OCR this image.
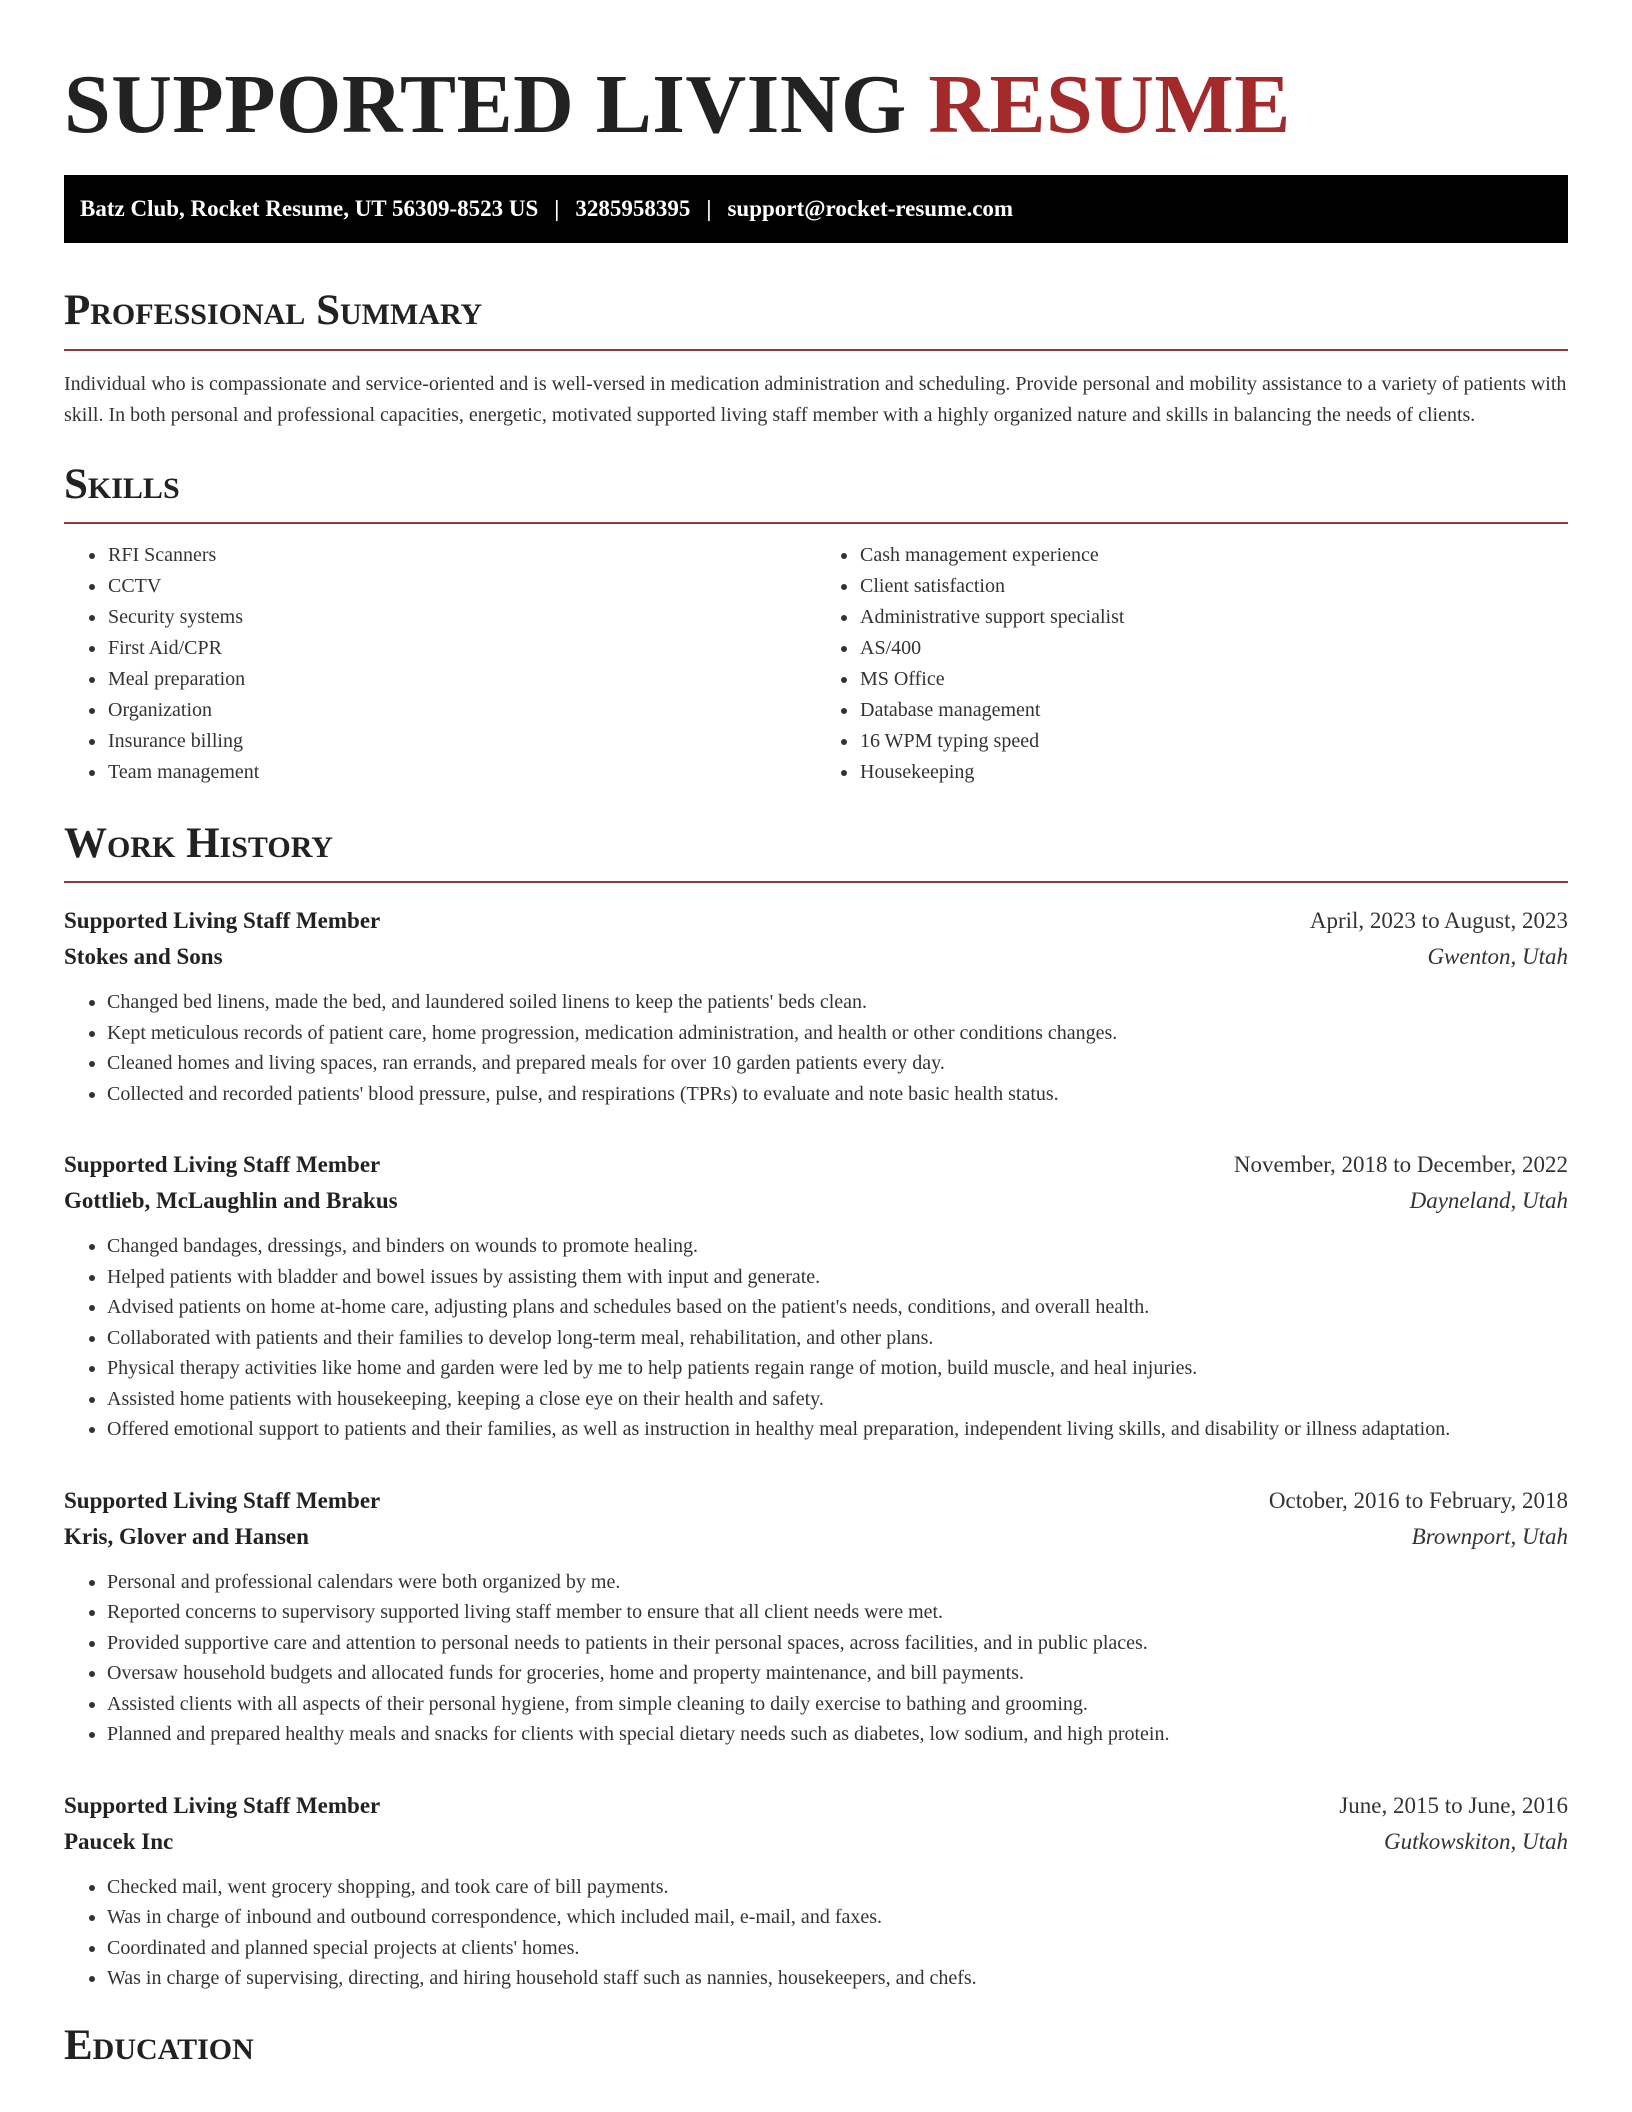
SUPPORTED LIVING RESUME
Batz Club, Rocket Resume, UT 56309-8523 US | 3285958395 | support@rocket-resume.com
Professional Summary

Individual who is compassionate and service-oriented and is well-versed in medication administration and scheduling. Provide personal and mobility assistance to a variety of patients with skill. In both personal and professional capacities, energetic, motivated supported living staff member with a highly organized nature and skills in balancing the needs of clients.

Skills
• RFI Scanners
• CCTV
• Security systems
• First Aid/CPR
• Meal preparation
• Organization
• Insurance billing
• Team management
• Cash management experience
• Client satisfaction
• Administrative support specialist
• AS/400
• MS Office
• Database management
• 16 WPM typing speed
• Housekeeping
Work History
Supported Living Staff Member	April, 2023 to August, 2023
Stokes and Sons	Gwenton, Utah
• Changed bed linens, made the bed, and laundered soiled linens to keep the patients' beds clean.
• Kept meticulous records of patient care, home progression, medication administration, and health or other conditions changes.
• Cleaned homes and living spaces, ran errands, and prepared meals for over 10 garden patients every day.
• Collected and recorded patients' blood pressure, pulse, and respirations (TPRs) to evaluate and note basic health status.
Supported Living Staff Member	November, 2018 to December, 2022
Gottlieb, McLaughlin and Brakus	Dayneland, Utah
• Changed bandages, dressings, and binders on wounds to promote healing.
• Helped patients with bladder and bowel issues by assisting them with input and generate.
• Advised patients on home at-home care, adjusting plans and schedules based on the patient's needs, conditions, and overall health.
• Collaborated with patients and their families to develop long-term meal, rehabilitation, and other plans.
• Physical therapy activities like home and garden were led by me to help patients regain range of motion, build muscle, and heal injuries.
• Assisted home patients with housekeeping, keeping a close eye on their health and safety.
• Offered emotional support to patients and their families, as well as instruction in healthy meal preparation, independent living skills, and disability or illness adaptation.
Supported Living Staff Member	October, 2016 to February, 2018
Kris, Glover and Hansen	Brownport, Utah
• Personal and professional calendars were both organized by me.
• Reported concerns to supervisory supported living staff member to ensure that all client needs were met.
• Provided supportive care and attention to personal needs to patients in their personal spaces, across facilities, and in public places.
• Oversaw household budgets and allocated funds for groceries, home and property maintenance, and bill payments.
• Assisted clients with all aspects of their personal hygiene, from simple cleaning to daily exercise to bathing and grooming.
• Planned and prepared healthy meals and snacks for clients with special dietary needs such as diabetes, low sodium, and high protein.
Supported Living Staff Member	June, 2015 to June, 2016
Paucek Inc	Gutkowskiton, Utah
• Checked mail, went grocery shopping, and took care of bill payments.
• Was in charge of inbound and outbound correspondence, which included mail, e-mail, and faxes.
• Coordinated and planned special projects at clients' homes.
• Was in charge of supervising, directing, and hiring household staff such as nannies, housekeepers, and chefs.
Education
